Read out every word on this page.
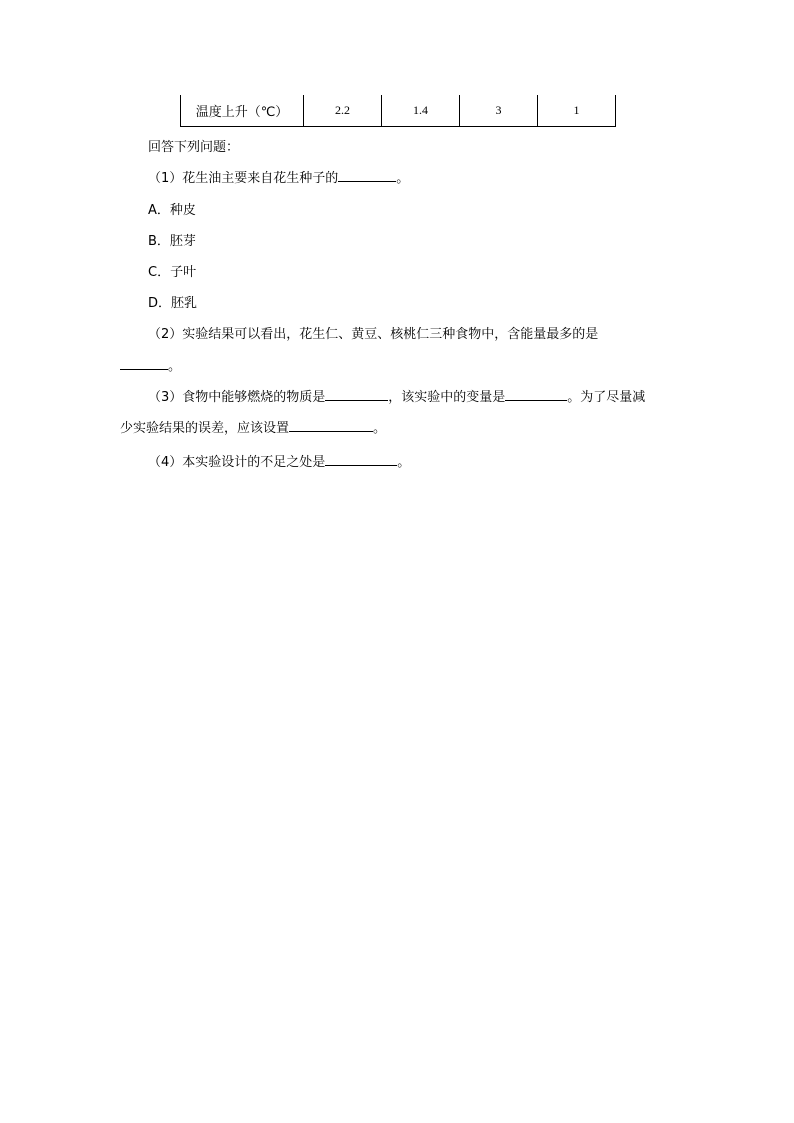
温度上升（℃）	2.2	1.4	3	1
回答下列问题：
（1）花生油主要来自花生种子的	。
A．种皮
B．胚芽
C．子叶
D．胚乳
（2）实验结果可以看出，花生仁、黄豆、核桃仁三种食物中，含能量最多的是
。
（3）食物中能够燃烧的物质是	，该实验中的变量是	。为了尽量减
少实验结果的误差，应该设置	。
（4）本实验设计的不足之处是	。
